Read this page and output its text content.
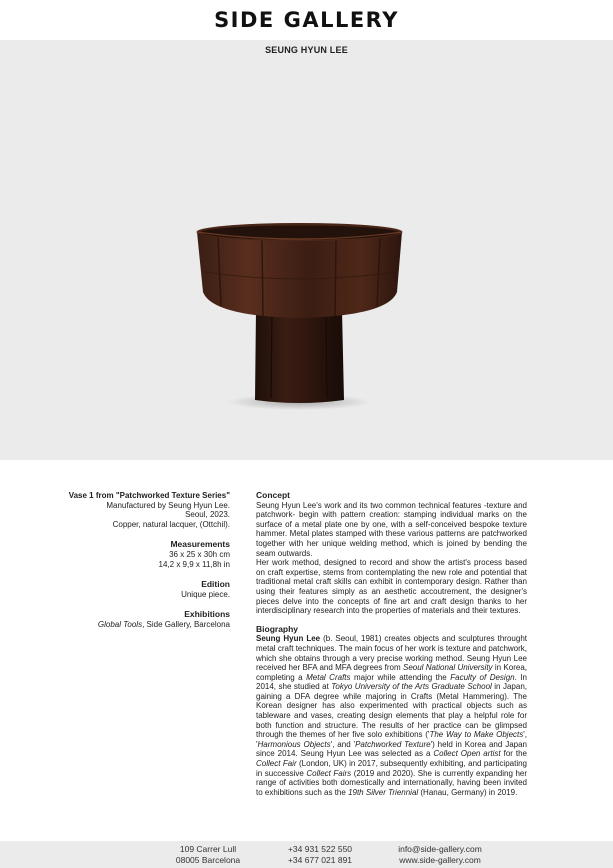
SIDE GALLERY
SEUNG HYUN LEE
Vase 1 from "Patchworked Texture Series"
Manufactured by Seung Hyun Lee.
Seoul, 2023.
Copper, natural lacquer, (Ottchil).
Measurements
36 x 25 x 30h cm
14,2 x 9,9 x 11,8h in
Edition
Unique piece.
Exhibitions
Global Tools, Side Gallery, Barcelona
Concept

Seung Hyun Lee's work and its two common technical features -texture and patchwork- begin with pattern creation: stamping individual marks on the surface of a metal plate one by one, with a self-conceived bespoke texture hammer. Metal plates stamped with these various patterns are patchworked together with her unique welding method, which is joined by bending the seam outwards.

Her work method, designed to record and show the artist's process based on craft expertise, stems from contemplating the new role and potential that traditional metal craft skills can exhibit in contemporary design. Rather than using their features simply as an aesthetic accoutrement, the designer's pieces delve into the concepts of fine art and craft design thanks to her interdisciplinary research into the properties of materials and their textures.

Biography

Seung Hyun Lee (b. Seoul, 1981) creates objects and sculptures throught metal craft techniques. The main focus of her work is texture and patchwork, which she obtains through a very precise working method. Seung Hyun Lee received her BFA and MFA degrees from Seoul National University in Korea, completing a Metal Crafts major while attending the Faculty of Design. In 2014, she studied at Tokyo University of the Arts Graduate School in Japan, gaining a DFA degree while majoring in Crafts (Metal Hammering). The Korean designer has also experimented with practical objects such as tableware and vases, creating design elements that play a helpful role for both function and structure. The results of her practice can be glimpsed through the themes of her five solo exhibitions ('The Way to Make Objects', 'Harmonious Objects', and 'Patchworked Texture') held in Korea and Japan since 2014. Seung Hyun Lee was selected as a Collect Open artist for the Collect Fair (London, UK) in 2017, subsequently exhibiting, and participating in successive Collect Fairs (2019 and 2020). She is currently expanding her range of activities both domestically and internationally, having been invited to exhibitions such as the 19th Silver Triennial (Hanau, Germany) in 2019.

109 Carrer Lull
08005 Barcelona
+34 931 522 550
+34 677 021 891
info@side-gallery.com
www.side-gallery.com
